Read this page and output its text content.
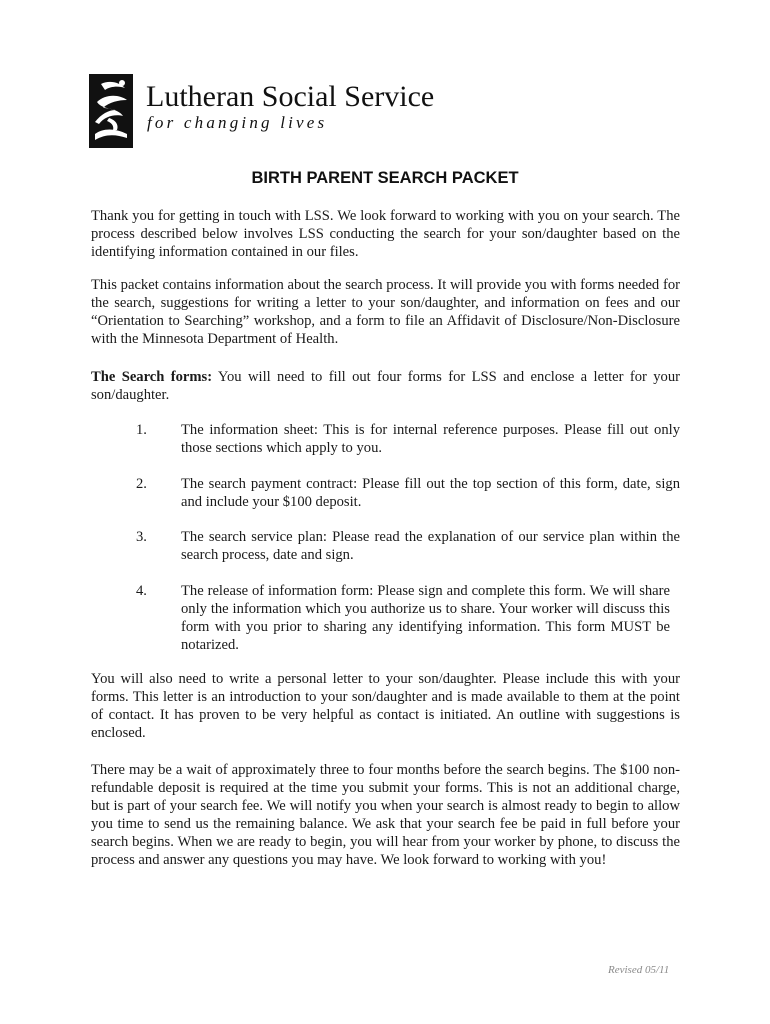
Lutheran Social Service
for changing lives
BIRTH PARENT SEARCH PACKET
Thank you for getting in touch with LSS. We look forward to working with you on your search. The process described below involves LSS conducting the search for your son/daughter based on the identifying information contained in our files.
This packet contains information about the search process. It will provide you with forms needed for the search, suggestions for writing a letter to your son/daughter, and information on fees and our “Orientation to Searching” workshop, and a form to file an Affidavit of Disclosure/Non-Disclosure with the Minnesota Department of Health.
The Search forms: You will need to fill out four forms for LSS and enclose a letter for your son/daughter.
1. The information sheet: This is for internal reference purposes. Please fill out only those sections which apply to you.
2. The search payment contract: Please fill out the top section of this form, date, sign and include your $100 deposit.
3. The search service plan: Please read the explanation of our service plan within the search process, date and sign.
4. The release of information form: Please sign and complete this form. We will share only the information which you authorize us to share. Your worker will discuss this form with you prior to sharing any identifying information. This form MUST be notarized.
You will also need to write a personal letter to your son/daughter. Please include this with your forms. This letter is an introduction to your son/daughter and is made available to them at the point of contact. It has proven to be very helpful as contact is initiated. An outline with suggestions is enclosed.
There may be a wait of approximately three to four months before the search begins. The $100 non-refundable deposit is required at the time you submit your forms. This is not an additional charge, but is part of your search fee. We will notify you when your search is almost ready to begin to allow you time to send us the remaining balance. We ask that your search fee be paid in full before your search begins. When we are ready to begin, you will hear from your worker by phone, to discuss the process and answer any questions you may have. We look forward to working with you!
Revised 05/11
